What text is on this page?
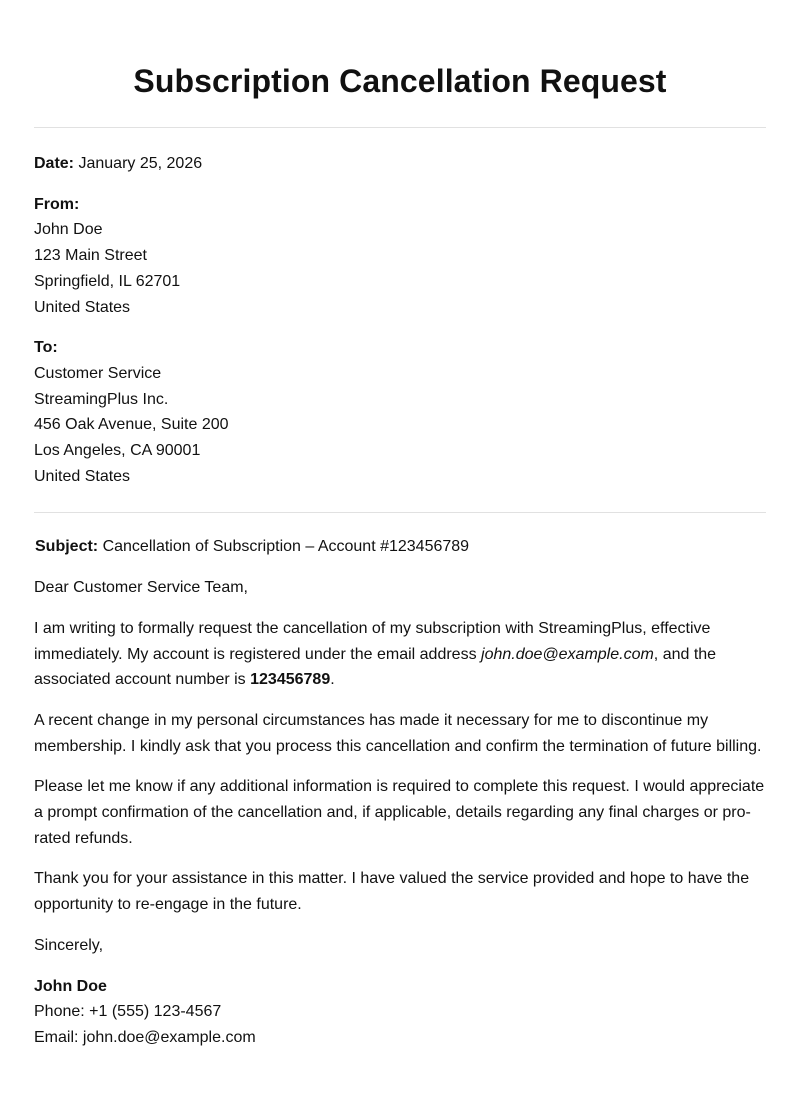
Subscription Cancellation Request

Date: January 25, 2026

From:

John Doe

123 Main Street

Springfield, IL 62701

United States

To:

Customer Service

StreamingPlus Inc.

456 Oak Avenue, Suite 200

Los Angeles, CA 90001

United States

Subject: Cancellation of Subscription – Account #123456789

Dear Customer Service Team,

I am writing to formally request the cancellation of my subscription with StreamingPlus, effective immediately. My account is registered under the email address john.doe@example.com, and the associated account number is 123456789.

A recent change in my personal circumstances has made it necessary for me to discontinue my membership. I kindly ask that you process this cancellation and confirm the termination of future billing.

Please let me know if any additional information is required to complete this request. I would appreciate a prompt confirmation of the cancellation and, if applicable, details regarding any final charges or pro-rated refunds.

Thank you for your assistance in this matter. I have valued the service provided and hope to have the opportunity to re-engage in the future.

Sincerely,

John Doe

Phone: +1 (555) 123-4567

Email: john.doe@example.com
